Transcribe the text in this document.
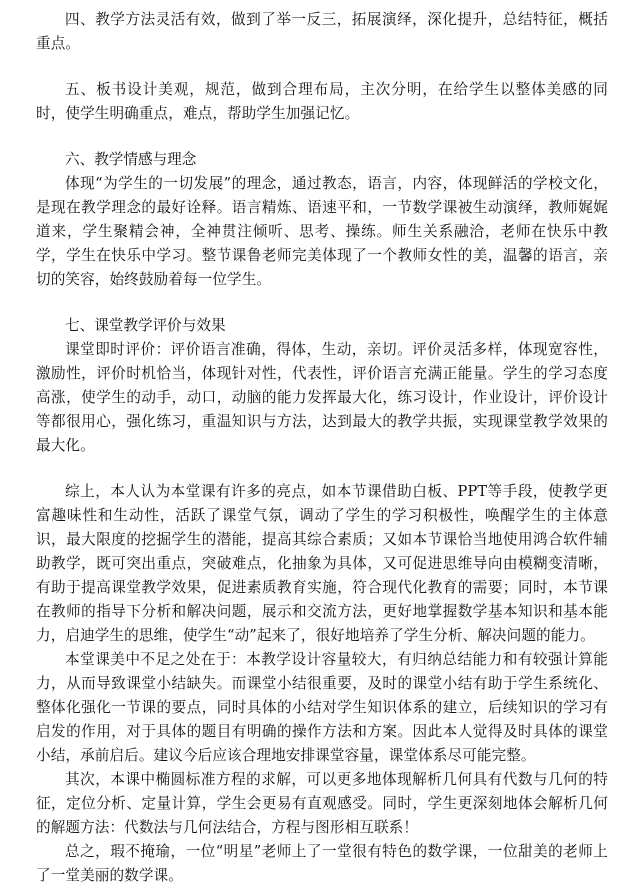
四、教学方法灵活有效，做到了举一反三，拓展演绎，深化提升，总结特征，概括重点。

五、板书设计美观，规范，做到合理布局，主次分明，在给学生以整体美感的同时，使学生明确重点，难点，帮助学生加强记忆。

六、教学情感与理念

体现“为学生的一切发展”的理念，通过教态，语言，内容，体现鲜活的学校文化，是现在教学理念的最好诠释。语言精炼、语速平和，一节数学课被生动演绎，教师娓娓道来，学生聚精会神，全神贯注倾听、思考、操练。师生关系融洽，老师在快乐中教学，学生在快乐中学习。整节课鲁老师完美体现了一个教师女性的美，温馨的语言，亲切的笑容，始终鼓励着每一位学生。

七、课堂教学评价与效果

课堂即时评价：评价语言准确，得体，生动，亲切。评价灵活多样，体现宽容性，激励性，评价时机恰当，体现针对性，代表性，评价语言充满正能量。学生的学习态度高涨，使学生的动手，动口，动脑的能力发挥最大化，练习设计，作业设计，评价设计等都很用心，强化练习，重温知识与方法，达到最大的教学共振，实现课堂教学效果的最大化。

综上，本人认为本堂课有许多的亮点，如本节课借助白板、PPT等手段，使教学更富趣味性和生动性，活跃了课堂气氛，调动了学生的学习积极性，唤醒学生的主体意识，最大限度的挖掘学生的潜能，提高其综合素质；又如本节课恰当地使用鸿合软件辅助教学，既可突出重点，突破难点，化抽象为具体，又可促进思维导向由模糊变清晰，有助于提高课堂教学效果，促进素质教育实施，符合现代化教育的需要；同时，本节课在教师的指导下分析和解决问题，展示和交流方法，更好地掌握数学基本知识和基本能力，启迪学生的思维，使学生“动”起来了，很好地培养了学生分析、解决问题的能力。

本堂课美中不足之处在于：本教学设计容量较大，有归纳总结能力和有较强计算能力，从而导致课堂小结缺失。而课堂小结很重要，及时的课堂小结有助于学生系统化、整体化强化一节课的要点，同时具体的小结对学生知识体系的建立，后续知识的学习有启发的作用，对于具体的题目有明确的操作方法和方案。因此本人觉得及时具体的课堂小结，承前启后。建议今后应该合理地安排课堂容量，课堂体系尽可能完整。

其次，本课中椭圆标准方程的求解，可以更多地体现解析几何具有代数与几何的特征，定位分析、定量计算，学生会更易有直观感受。同时，学生更深刻地体会解析几何的解题方法：代数法与几何法结合，方程与图形相互联系！

总之，瑕不掩瑜，一位“明星”老师上了一堂很有特色的数学课，一位甜美的老师上了一堂美丽的数学课。
